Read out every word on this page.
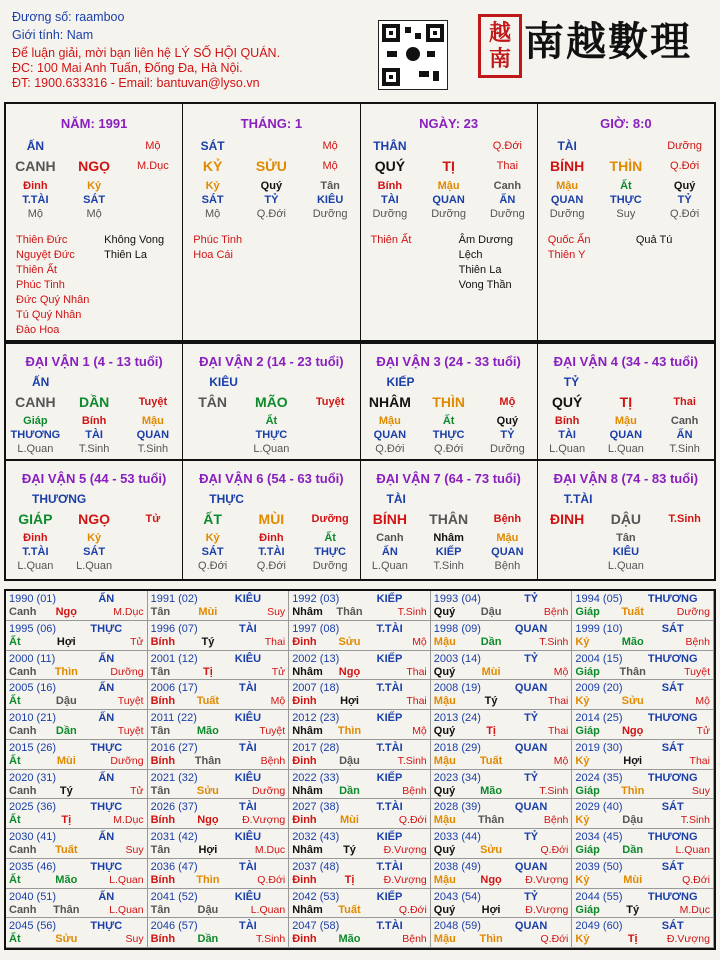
Đương số: raamboo
Giới tính: Nam
Để luận giải, mời bạn liên hệ LÝ SỐ HỘI QUÁN.
ĐC: 100 Mai Anh Tuấn, Đống Đa, Hà Nội.
ĐT: 1900.633316 - Email: bantuvan@lyso.vn
越
南 南越數理
NĂM: 1991
ẤN	Mộ
CANH	NGỌ	M.Dục
Đinh	Kỷ
T.TÀI	SÁT
Mộ	Mộ
Thiên Đức
Nguyệt Đức
Thiên Ất
Phúc Tinh
Đức Quý Nhân
Tú Quý Nhân
Đào Hoa
Không Vong
Thiên La
THÁNG: 1
SÁT	Mộ
KỶ	SỬU	Mộ
Kỷ	Quý	Tân
SÁT	TỶ	KIÊU
Mộ	Q.Đới	Dưỡng
Phúc Tinh
Hoa Cái
NGÀY: 23
THÂN	Q.Đới
QUÝ	TỊ	Thai
Bính	Mậu	Canh
TÀI	QUAN	ẤN
Dưỡng	Dưỡng	Dưỡng
Thiên Ất	Âm Dương Lệch
Thiên La
Vong Thần
GIỜ: 8:0
TÀI	Dưỡng
BÍNH	THÌN	Q.Đới
Mậu	Ất	Quý
QUAN	THỰC	TỶ
Dưỡng	Suy	Q.Đới
Quốc Ấn
Thiên Y
Quả Tú
ĐẠI VẬN 1 (4 - 13 tuổi)
ẤN
CANH	DẦN	Tuyệt
Giáp	Bính	Mậu
THƯƠNG	TÀI	QUAN
L.Quan	T.Sinh	T.Sinh
ĐẠI VẬN 2 (14 - 23 tuổi)
KIÊU
TÂN	MÃO	Tuyệt
Ất
THỰC
L.Quan
ĐẠI VẬN 3 (24 - 33 tuổi)
KIẾP
NHÂM	THÌN	Mộ
Mậu	Ất	Quý
QUAN	THỰC	TỶ
Q.Đới	Q.Đới	Dưỡng
ĐẠI VẬN 4 (34 - 43 tuổi)
TỶ
QUÝ	TỊ	Thai
Bính	Mậu	Canh
TÀI	QUAN	ẤN
L.Quan	L.Quan	T.Sinh
ĐẠI VẬN 5 (44 - 53 tuổi)
THƯƠNG
GIÁP	NGỌ	Tử
Đinh	Kỷ
T.TÀI	SÁT
L.Quan	L.Quan
ĐẠI VẬN 6 (54 - 63 tuổi)
THỰC
ẤT	MÙI	Dưỡng
Kỷ	Đinh	Ất
SÁT	T.TÀI	THỰC
Q.Đới	Q.Đới	Dưỡng
ĐẠI VẬN 7 (64 - 73 tuổi)
TÀI
BÍNH	THÂN	Bệnh
Canh	Nhâm	Mậu
ẤN	KIẾP	QUAN
L.Quan	T.Sinh	Bệnh
ĐẠI VẬN 8 (74 - 83 tuổi)
T.TÀI
ĐINH	DẬU	T.Sinh
Tân
KIÊU
L.Quan
1990 (01)	ẤN
Canh	Ngọ	M.Dục
1991 (02)	KIÊU
Tân	Mùi	Suy
1992 (03)	KIẾP
Nhâm	Thân	T.Sinh
1993 (04)	TỶ
Quý	Dậu	Bệnh
1994 (05)	THƯƠNG
Giáp	Tuất	Dưỡng
1995 (06)	THỰC
Ất	Hợi	Tử
1996 (07)	TÀI
Bính	Tý	Thai
1997 (08)	T.TÀI
Đinh	Sửu	Mộ
1998 (09)	QUAN
Mậu	Dần	T.Sinh
1999 (10)	SÁT
Kỷ	Mão	Bệnh
2000 (11)	ẤN
Canh	Thìn	Dưỡng
2001 (12)	KIÊU
Tân	Tị	Tử
2002 (13)	KIẾP
Nhâm	Ngọ	Thai
2003 (14)	TỶ
Quý	Mùi	Mộ
2004 (15)	THƯƠNG
Giáp	Thân	Tuyệt
2005 (16)	ẤN
Ất	Dậu	Tuyệt
2006 (17)	TÀI
Bính	Tuất	Mộ
2007 (18)	T.TÀI
Đinh	Hợi	Thai
2008 (19)	QUAN
Mậu	Tý	Thai
2009 (20)	SÁT
Kỷ	Sửu	Mộ
2010 (21)	ẤN
Canh	Dần	Tuyệt
2011 (22)	KIÊU
Tân	Mão	Tuyệt
2012 (23)	KIẾP
Nhâm	Thìn	Mộ
2013 (24)	TỶ
Quý	Tị	Thai
2014 (25)	THƯƠNG
Giáp	Ngọ	Tử
2015 (26)	THỰC
Ất	Mùi	Dưỡng
2016 (27)	TÀI
Bính	Thân	Bệnh
2017 (28)	T.TÀI
Đinh	Dậu	T.Sinh
2018 (29)	QUAN
Mậu	Tuất	Mộ
2019 (30)	SÁT
Kỷ	Hợi	Thai
2020 (31)	ẤN
Canh	Tý	Tử
2021 (32)	KIÊU
Tân	Sửu	Dưỡng
2022 (33)	KIẾP
Nhâm	Dần	Bệnh
2023 (34)	TỶ
Quý	Mão	T.Sinh
2024 (35)	THƯƠNG
Giáp	Thìn	Suy
2025 (36)	THỰC
Ất	Tị	M.Dục
2026 (37)	TÀI
Bính	Ngọ	Đ.Vượng
2027 (38)	T.TÀI
Đinh	Mùi	Q.Đới
2028 (39)	QUAN
Mậu	Thân	Bệnh
2029 (40)	SÁT
Kỷ	Dậu	T.Sinh
2030 (41)	ẤN
Canh	Tuất	Suy
2031 (42)	KIÊU
Tân	Hợi	M.Dục
2032 (43)	KIẾP
Nhâm	Tý	Đ.Vượng
2033 (44)	TỶ
Quý	Sửu	Q.Đới
2034 (45)	THƯƠNG
Giáp	Dần	L.Quan
2035 (46)	THỰC
Ất	Mão	L.Quan
2036 (47)	TÀI
Bính	Thìn	Q.Đới
2037 (48)	T.TÀI
Đinh	Tị	Đ.Vượng
2038 (49)	QUAN
Mậu	Ngọ	Đ.Vượng
2039 (50)	SÁT
Kỷ	Mùi	Q.Đới
2040 (51)	ẤN
Canh	Thân	L.Quan
2041 (52)	KIÊU
Tân	Dậu	L.Quan
2042 (53)	KIẾP
Nhâm	Tuất	Q.Đới
2043 (54)	TỶ
Quý	Hợi	Đ.Vượng
2044 (55)	THƯƠNG
Giáp	Tý	M.Dục
2045 (56)	THỰC
Ất	Sửu	Suy
2046 (57)	TÀI
Bính	Dần	T.Sinh
2047 (58)	T.TÀI
Đinh	Mão	Bệnh
2048 (59)	QUAN
Mậu	Thìn	Q.Đới
2049 (60)	SÁT
Kỷ	Tị	Đ.Vượng
